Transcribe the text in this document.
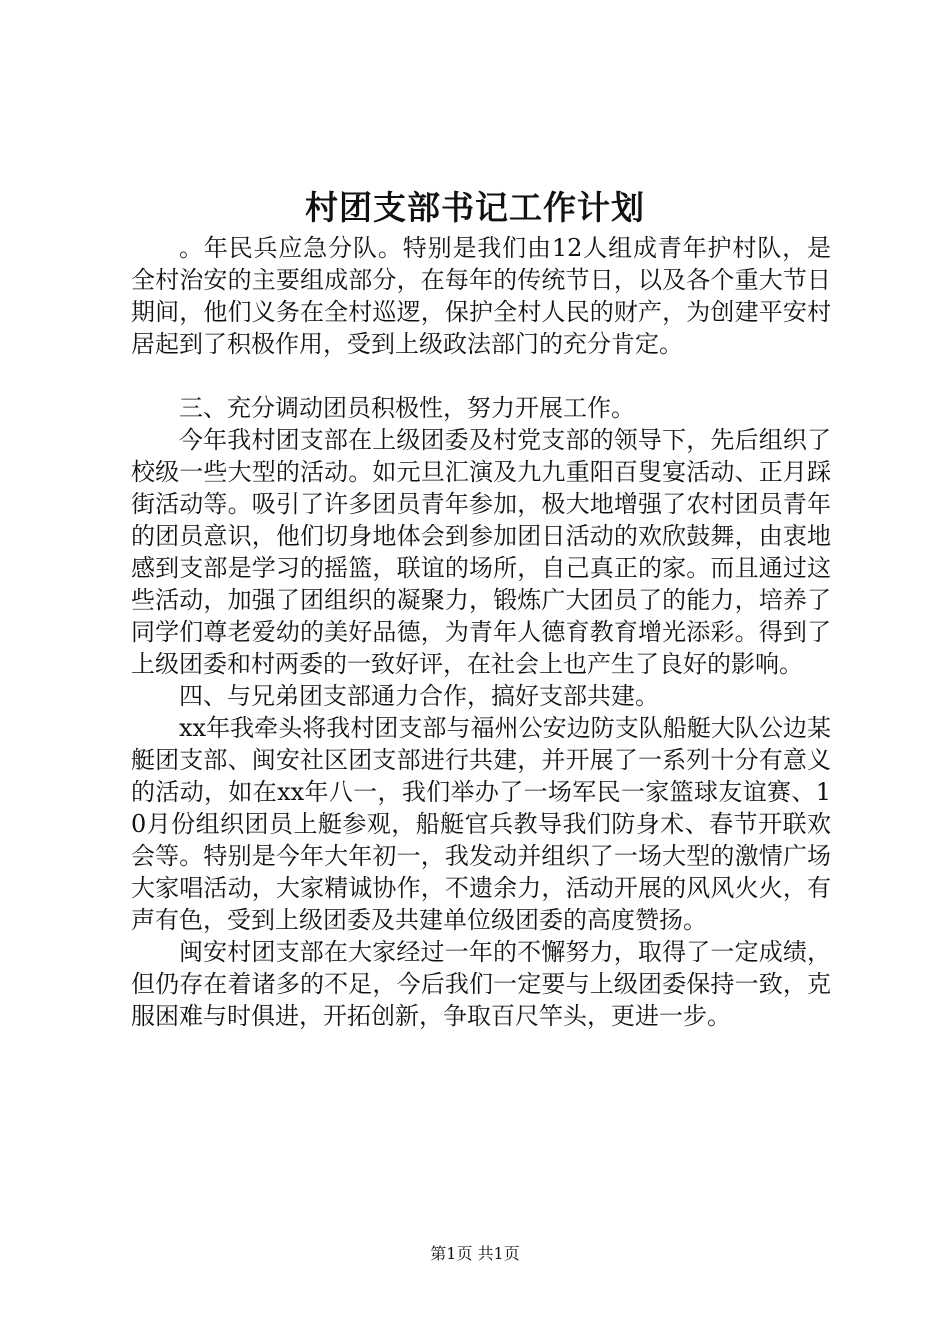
村团支部书记工作计划

。年民兵应急分队。特别是我们由12人组成青年护村队，是全村治安的主要组成部分，在每年的传统节日，以及各个重大节日期间，他们义务在全村巡逻，保护全村人民的财产，为创建平安村居起到了积极作用，受到上级政法部门的充分肯定。

三、充分调动团员积极性，努力开展工作。

今年我村团支部在上级团委及村党支部的领导下，先后组织了校级一些大型的活动。如元旦汇演及九九重阳百叟宴活动、正月踩街活动等。吸引了许多团员青年参加，极大地增强了农村团员青年的团员意识，他们切身地体会到参加团日活动的欢欣鼓舞，由衷地感到支部是学习的摇篮，联谊的场所，自己真正的家。而且通过这些活动，加强了团组织的凝聚力，锻炼广大团员了的能力，培养了同学们尊老爱幼的美好品德，为青年人德育教育增光添彩。得到了上级团委和村两委的一致好评，在社会上也产生了良好的影响。

四、与兄弟团支部通力合作，搞好支部共建。

xx年我牵头将我村团支部与福州公安边防支队船艇大队公边某艇团支部、闽安社区团支部进行共建，并开展了一系列十分有意义的活动，如在xx年八一，我们举办了一场军民一家篮球友谊赛、10月份组织团员上艇参观，船艇官兵教导我们防身术、春节开联欢会等。特别是今年大年初一，我发动并组织了一场大型的激情广场大家唱活动，大家精诚协作，不遗余力，活动开展的风风火火，有声有色，受到上级团委及共建单位级团委的高度赞扬。

闽安村团支部在大家经过一年的不懈努力，取得了一定成绩，但仍存在着诸多的不足，今后我们一定要与上级团委保持一致，克服困难与时俱进，开拓创新，争取百尺竿头，更进一步。

第1页 共1页
